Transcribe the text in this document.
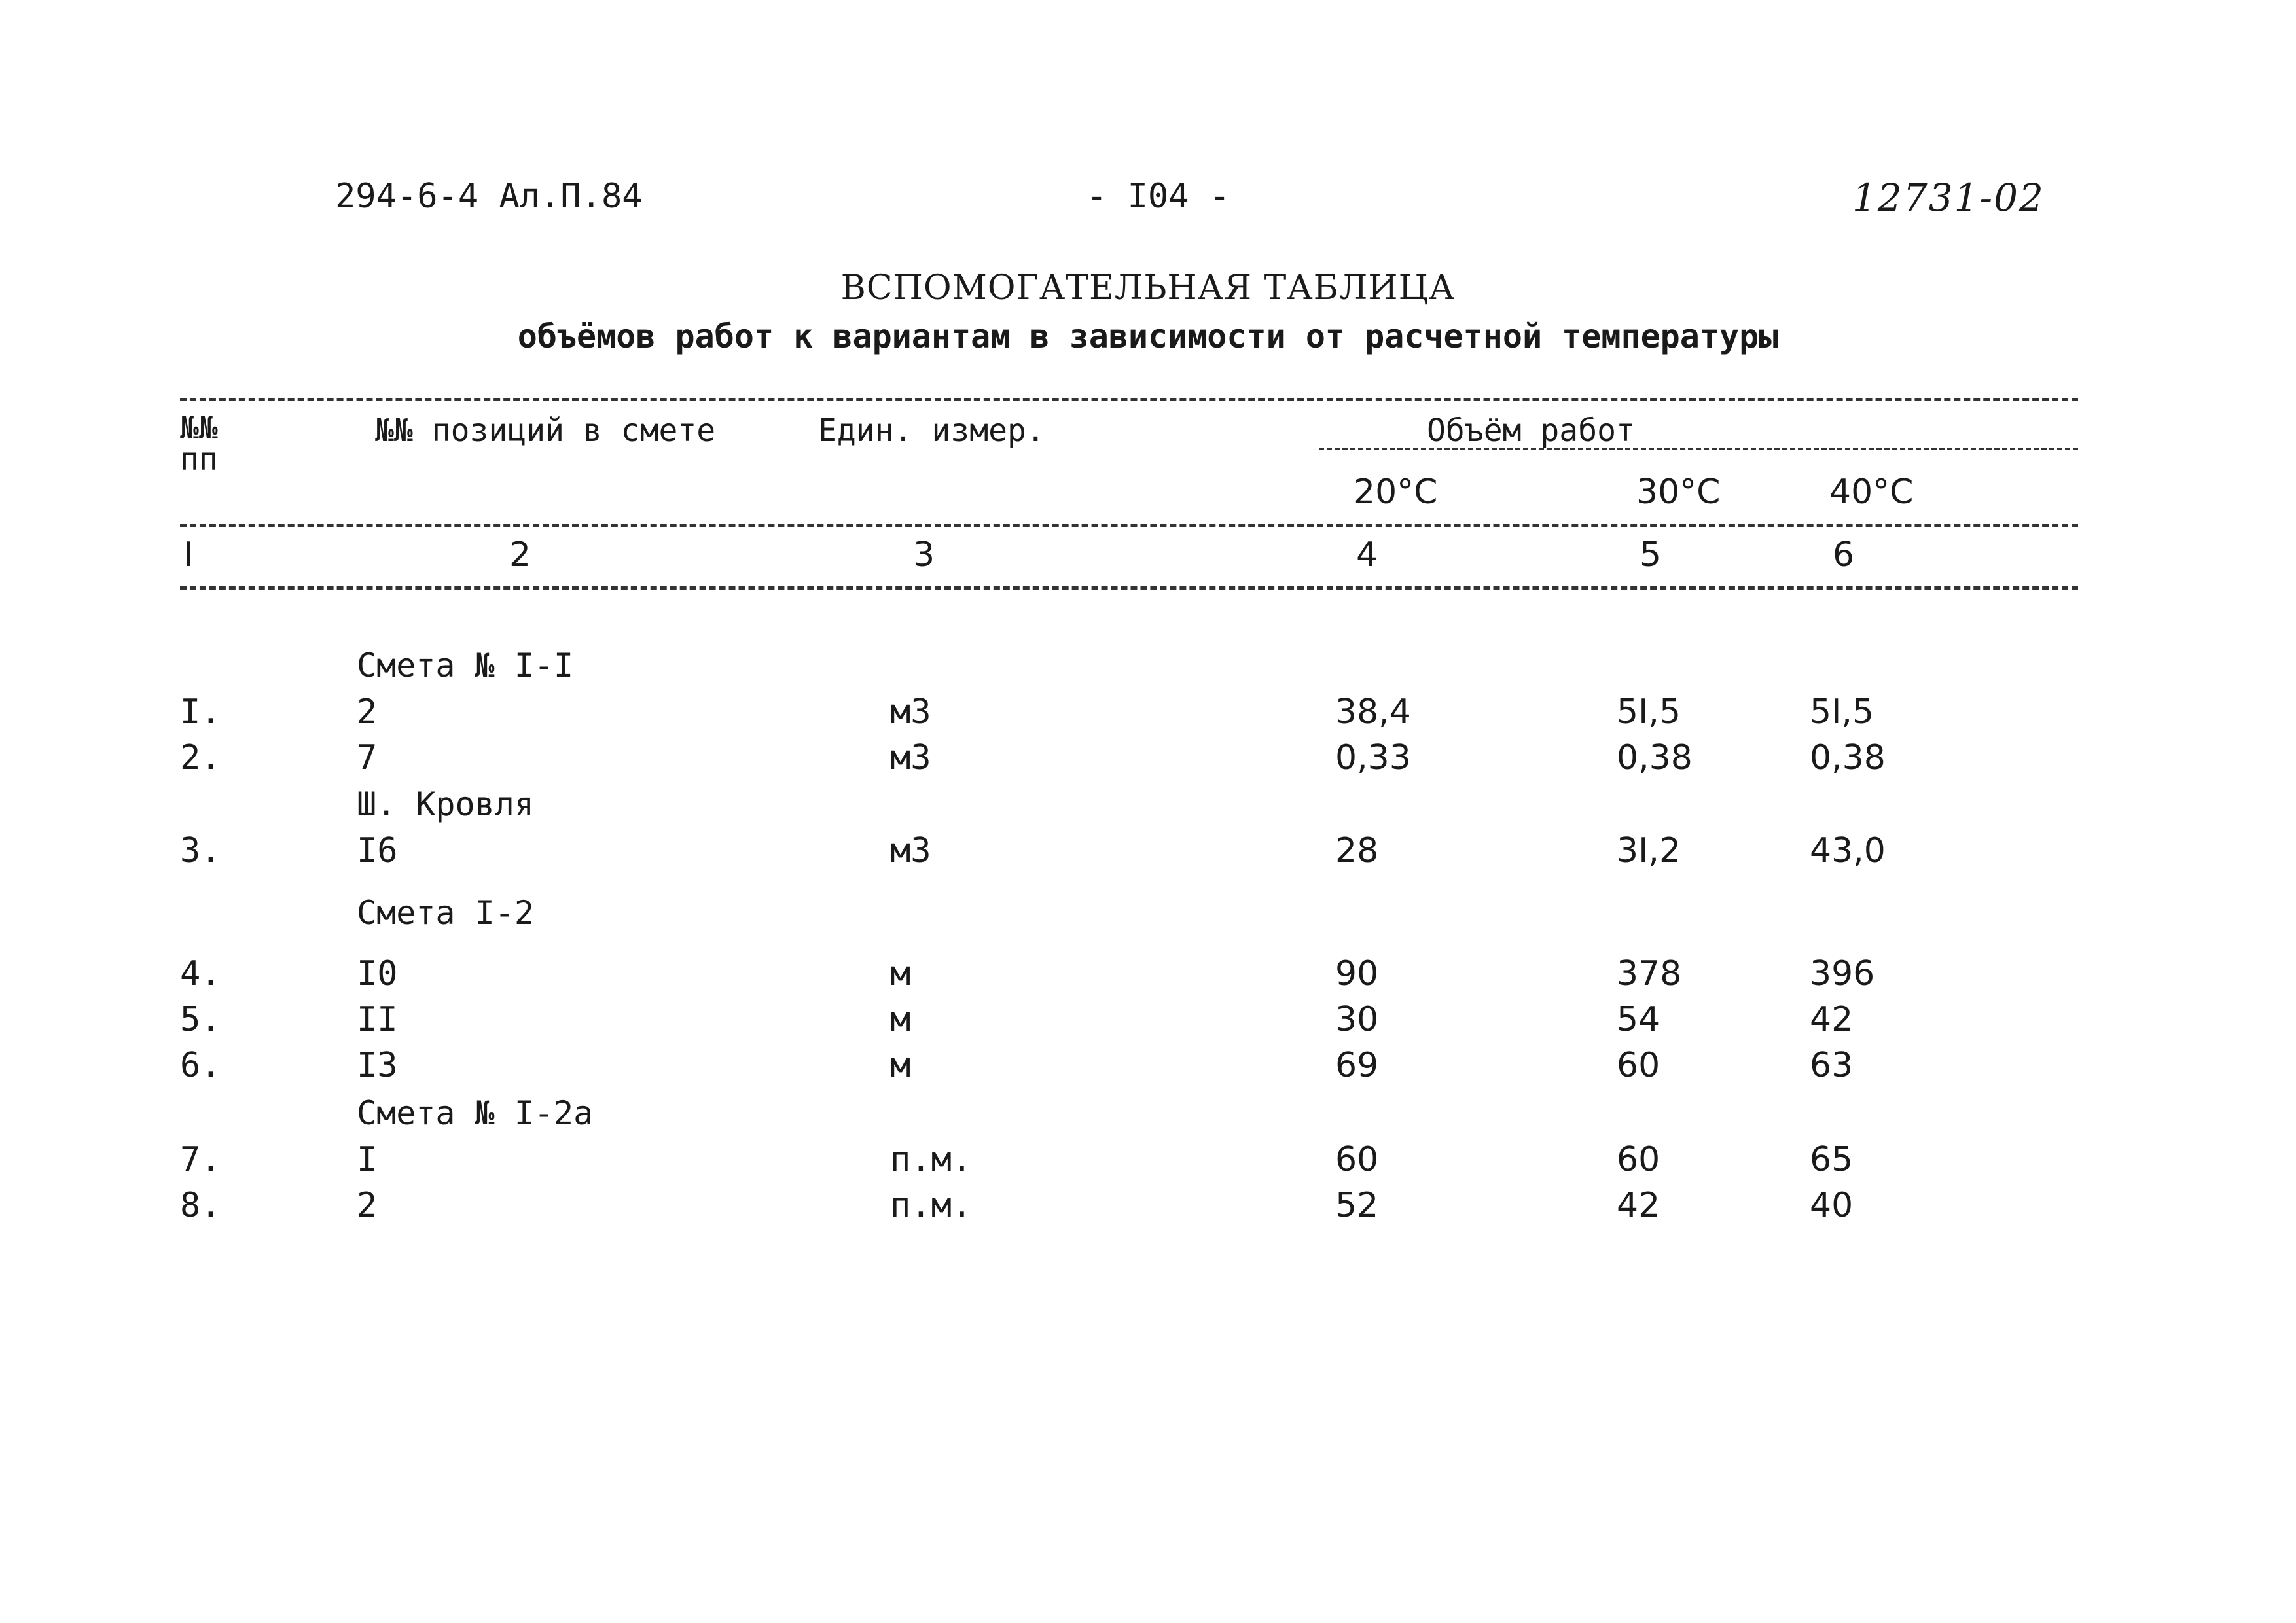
294-6-4 Ал.П.84	- I04 -	12731-02
ВСПОМОГАТЕЛЬНАЯ ТАБЛИЦА
объёмов работ к вариантам в зависимости от расчетной температуры
№№
пп
№№ позиций в смете	Един. измер.	Объём работ
20°С	30°С	40°С
I	2	3	4	5	6
Смета № I-I
I.	2	м3	38,4	5I,5	5I,5
2.	7	м3	0,33	0,38	0,38
Ш. Кровля
3.	I6	м3	28	3I,2	43,0
Смета I-2
4.	I0	м	90	378	396
5.	II	м	30	54	42
6.	I3	м	69	60	63
Смета № I-2а
7.	I	п.м.	60	60	65
8.	2	п.м.	52	42	40
